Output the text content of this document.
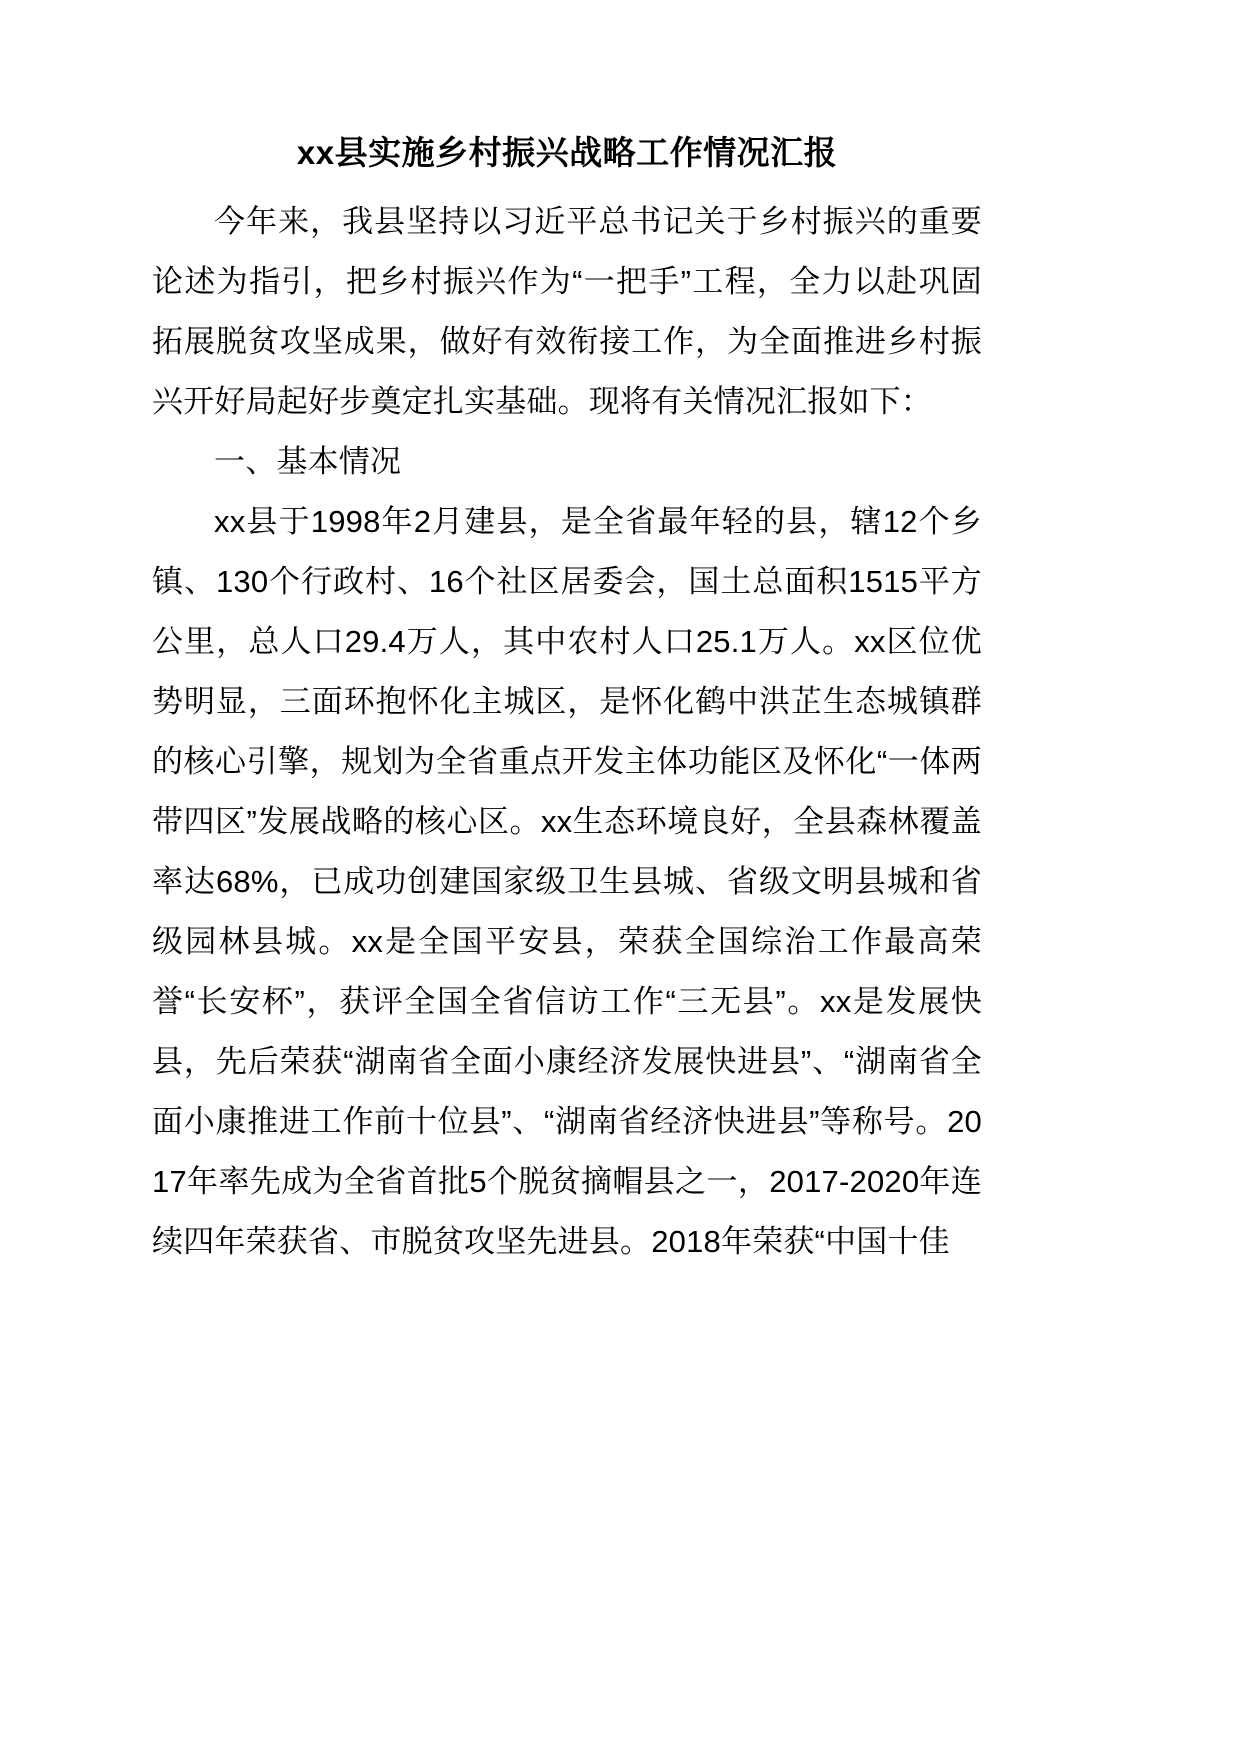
xx县实施乡村振兴战略工作情况汇报

今年来，我县坚持以习近平总书记关于乡村振兴的重要论述为指引，把乡村振兴作为“一把手”工程，全力以赴巩固拓展脱贫攻坚成果，做好有效衔接工作，为全面推进乡村振兴开好局起好步奠定扎实基础。现将有关情况汇报如下：

一、基本情况

xx县于1998年2月建县，是全省最年轻的县，辖12个乡镇、130个行政村、16个社区居委会，国土总面积1515平方公里，总人口29.4万人，其中农村人口25.1万人。xx区位优势明显，三面环抱怀化主城区，是怀化鹤中洪芷生态城镇群的核心引擎，规划为全省重点开发主体功能区及怀化“一体两带四区”发展战略的核心区。xx生态环境良好，全县森林覆盖率达68%，已成功创建国家级卫生县城、省级文明县城和省级园林县城。xx是全国平安县，荣获全国综治工作最高荣誉“长安杯”，获评全国全省信访工作“三无县”。xx是发展快县，先后荣获“湖南省全面小康经济发展快进县”、“湖南省全面小康推进工作前十位县”、“湖南省经济快进县”等称号。2017年率先成为全省首批5个脱贫摘帽县之一，2017-2020年连续四年荣获省、市脱贫攻坚先进县。2018年荣获“中国十佳
